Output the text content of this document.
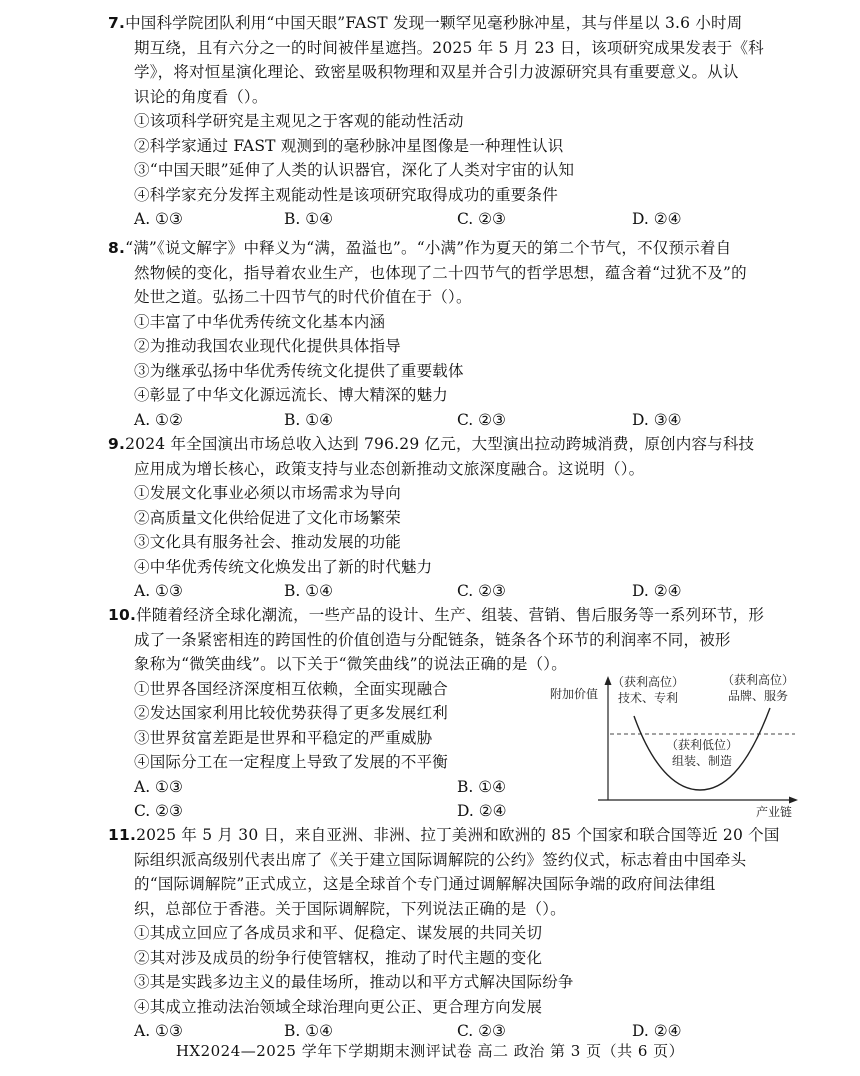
7.中国科学院团队利用“中国天眼”FAST 发现一颗罕见毫秒脉冲星，其与伴星以 3.6 小时周
期互绕，且有六分之一的时间被伴星遮挡。2025 年 5 月 23 日，该项研究成果发表于《科
学》，将对恒星演化理论、致密星吸积物理和双星并合引力波源研究具有重要意义。从认
识论的角度看（）。
①该项科学研究是主观见之于客观的能动性活动
②科学家通过 FAST 观测到的毫秒脉冲星图像是一种理性认识
③“中国天眼”延伸了人类的认识器官，深化了人类对宇宙的认知
④科学家充分发挥主观能动性是该项研究取得成功的重要条件
A. ①③	B. ①④	C. ②③	D. ②④
8.“满”《说文解字》中释义为“满，盈溢也”。“小满”作为夏天的第二个节气，不仅预示着自
然物候的变化，指导着农业生产，也体现了二十四节气的哲学思想，蕴含着“过犹不及”的
处世之道。弘扬二十四节气的时代价值在于（）。
①丰富了中华优秀传统文化基本内涵
②为推动我国农业现代化提供具体指导
③为继承弘扬中华优秀传统文化提供了重要载体
④彰显了中华文化源远流长、博大精深的魅力
A. ①②	B. ①④	C. ②③	D. ③④
9.2024 年全国演出市场总收入达到 796.29 亿元，大型演出拉动跨城消费，原创内容与科技
应用成为增长核心，政策支持与业态创新推动文旅深度融合。这说明（）。
①发展文化事业必须以市场需求为导向
②高质量文化供给促进了文化市场繁荣
③文化具有服务社会、推动发展的功能
④中华优秀传统文化焕发出了新的时代魅力
A. ①③	B. ①④	C. ②③	D. ②④
10.伴随着经济全球化潮流，一些产品的设计、生产、组装、营销、售后服务等一系列环节，形
成了一条紧密相连的跨国性的价值创造与分配链条，链条各个环节的利润率不同，被形
象称为“微笑曲线”。以下关于“微笑曲线”的说法正确的是（）。
①世界各国经济深度相互依赖，全面实现融合
②发达国家利用比较优势获得了更多发展红利
③世界贫富差距是世界和平稳定的严重威胁
④国际分工在一定程度上导致了发展的不平衡
A. ①③	B. ①④
C. ②③	D. ②④
附加价值
（获利高位）
技术、专利
（获利高位）
品牌、服务
（获利低位）
组装、制造
产业链
11.2025 年 5 月 30 日，来自亚洲、非洲、拉丁美洲和欧洲的 85 个国家和联合国等近 20 个国
际组织派高级别代表出席了《关于建立国际调解院的公约》签约仪式，标志着由中国牵头
的“国际调解院”正式成立，这是全球首个专门通过调解解决国际争端的政府间法律组
织，总部位于香港。关于国际调解院，下列说法正确的是（）。
①其成立回应了各成员求和平、促稳定、谋发展的共同关切
②其对涉及成员的纷争行使管辖权，推动了时代主题的变化
③其是实践多边主义的最佳场所，推动以和平方式解决国际纷争
④其成立推动法治领域全球治理向更公正、更合理方向发展
A. ①③	B. ①④	C. ②③	D. ②④
HX2024—2025 学年下学期期末测评试卷 高二 政治 第 3 页（共 6 页）
